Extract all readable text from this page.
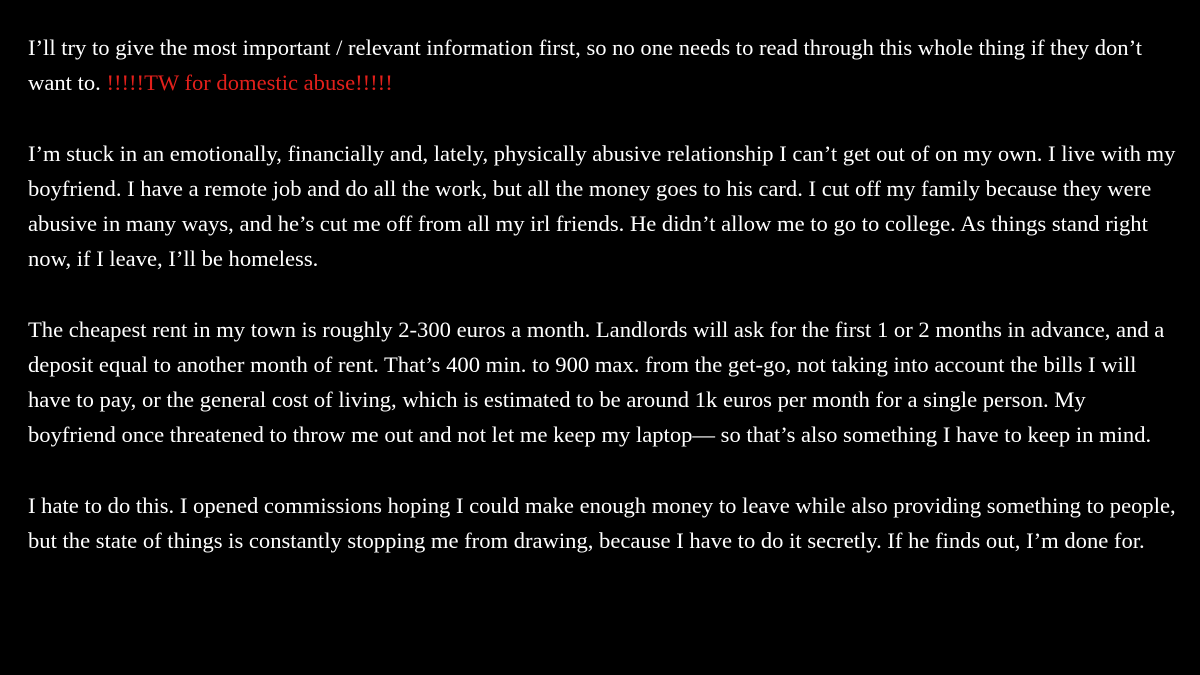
I’ll try to give the most important / relevant information first, so no one needs to read through this whole thing if they don’t want to. !!!!!TW for domestic abuse!!!!!

I’m stuck in an emotionally, financially and, lately, physically abusive relationship I can’t get out of on my own. I live with my boyfriend. I have a remote job and do all the work, but all the money goes to his card. I cut off my family because they were abusive in many ways, and he’s cut me off from all my irl friends. He didn’t allow me to go to college. As things stand right now, if I leave, I’ll be homeless.

The cheapest rent in my town is roughly 2-300 euros a month. Landlords will ask for the first 1 or 2 months in advance, and a deposit equal to another month of rent. That’s 400 min. to 900 max. from the get-go, not taking into account the bills I will have to pay, or the general cost of living, which is estimated to be around 1k euros per month for a single person. My boyfriend once threatened to throw me out and not let me keep my laptop— so that’s also something I have to keep in mind.

I hate to do this. I opened commissions hoping I could make enough money to leave while also providing something to people, but the state of things is constantly stopping me from drawing, because I have to do it secretly. If he finds out, I’m done for.
